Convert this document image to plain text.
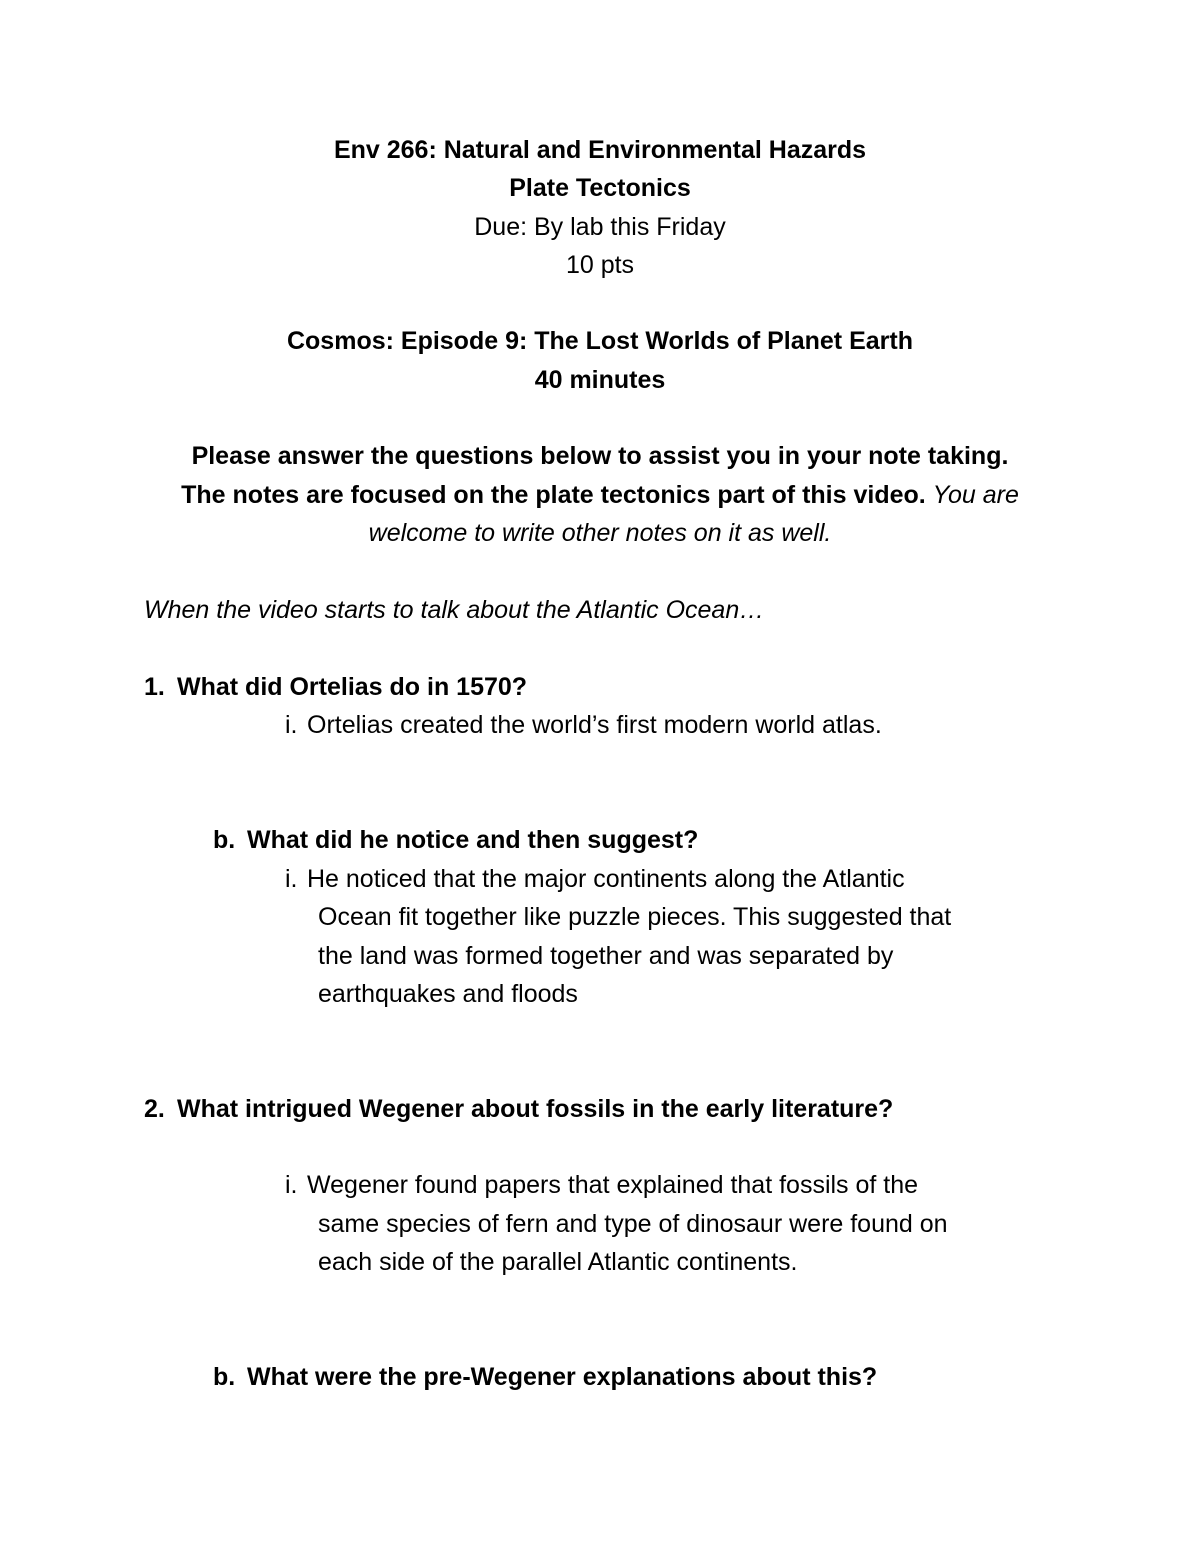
Env 266: Natural and Environmental Hazards
Plate Tectonics
Due: By lab this Friday
10 pts
Cosmos: Episode 9: The Lost Worlds of Planet Earth
40 minutes
Please answer the questions below to assist you in your note taking.
The notes are focused on the plate tectonics part of this video. You are
welcome to write other notes on it as well.
When the video starts to talk about the Atlantic Ocean…
1. What did Ortelias do in 1570?
i. Ortelias created the world’s first modern world atlas.
b. What did he notice and then suggest?
i. He noticed that the major continents along the Atlantic
Ocean fit together like puzzle pieces. This suggested that
the land was formed together and was separated by
earthquakes and floods
2. What intrigued Wegener about fossils in the early literature?
i. Wegener found papers that explained that fossils of the
same species of fern and type of dinosaur were found on
each side of the parallel Atlantic continents.
b. What were the pre-Wegener explanations about this?
